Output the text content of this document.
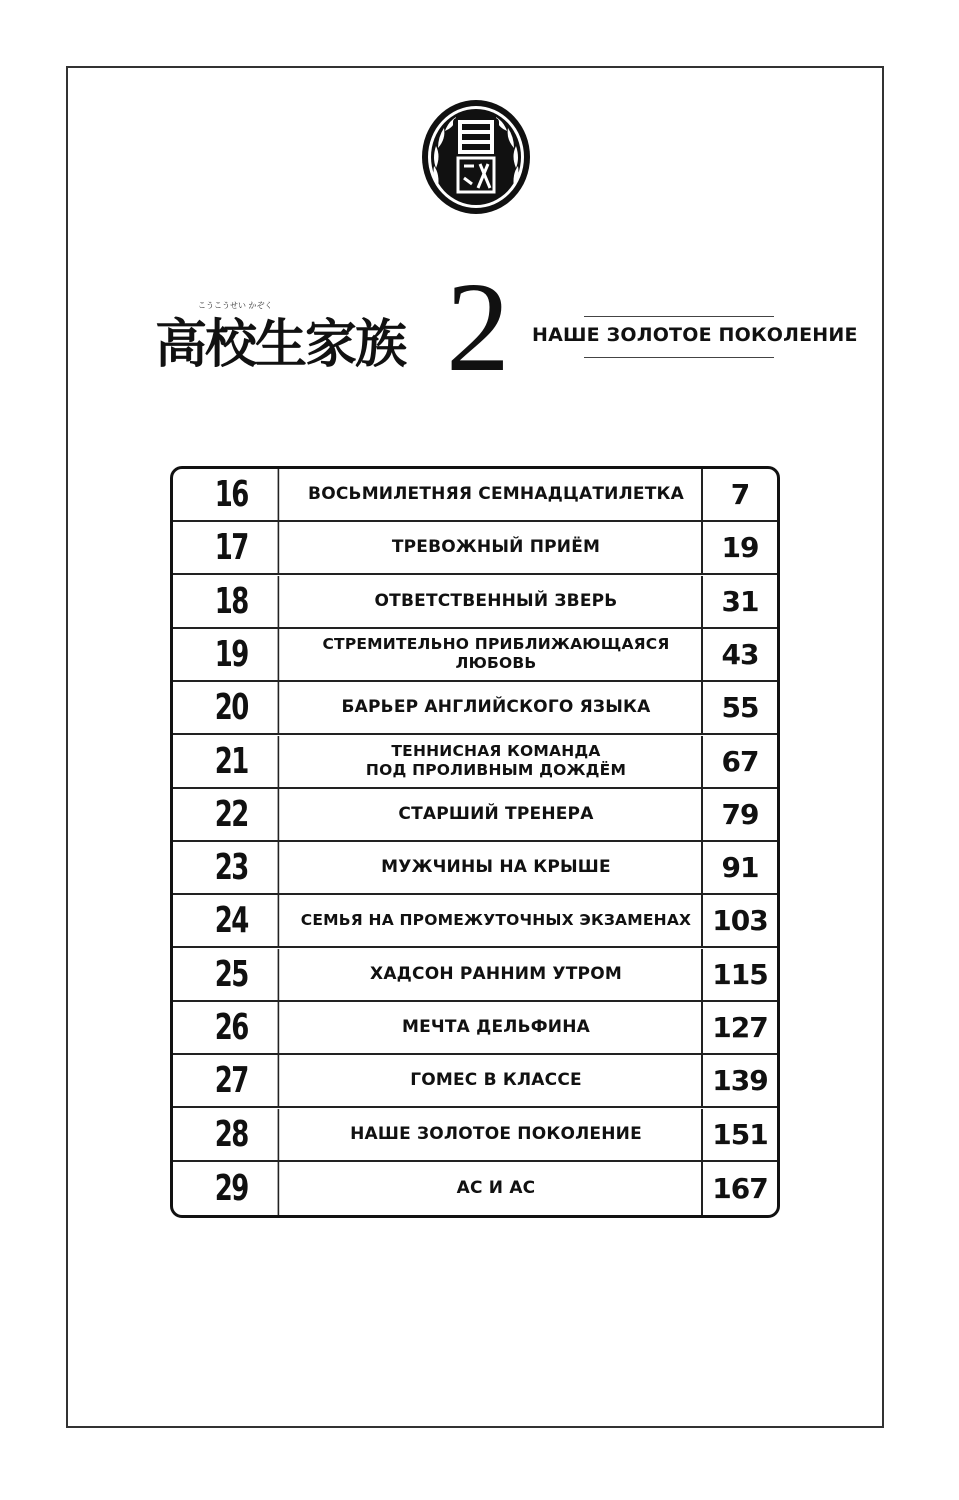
こうこうせい かぞく
高校生家族 2	НАШЕ ЗОЛОТОЕ ПОКОЛЕНИЕ
16	ВОСЬМИЛЕТНЯЯ СЕМНАДЦАТИЛЕТКА	7
17	ТРЕВОЖНЫЙ ПРИЁМ	19
18	ОТВЕТСТВЕННЫЙ ЗВЕРЬ	31
19	СТРЕМИТЕЛЬНО ПРИБЛИЖАЮЩАЯСЯ ЛЮБОВЬ	43
20	БАРЬЕР АНГЛИЙСКОГО ЯЗЫКА	55
21	ТЕННИСНАЯ КОМАНДА
ПОД ПРОЛИВНЫМ ДОЖДЁМ	67
22	СТАРШИЙ ТРЕНЕРА	79
23	МУЖЧИНЫ НА КРЫШЕ	91
24	СЕМЬЯ НА ПРОМЕЖУТОЧНЫХ ЭКЗАМЕНАХ 103
25	ХАДСОН РАННИМ УТРОМ	115
26	МЕЧТА ДЕЛЬФИНА	127
27	ГОМЕС В КЛАССЕ	139
28	НАШЕ ЗОЛОТОЕ ПОКОЛЕНИЕ	151
29	АС И АС	167
